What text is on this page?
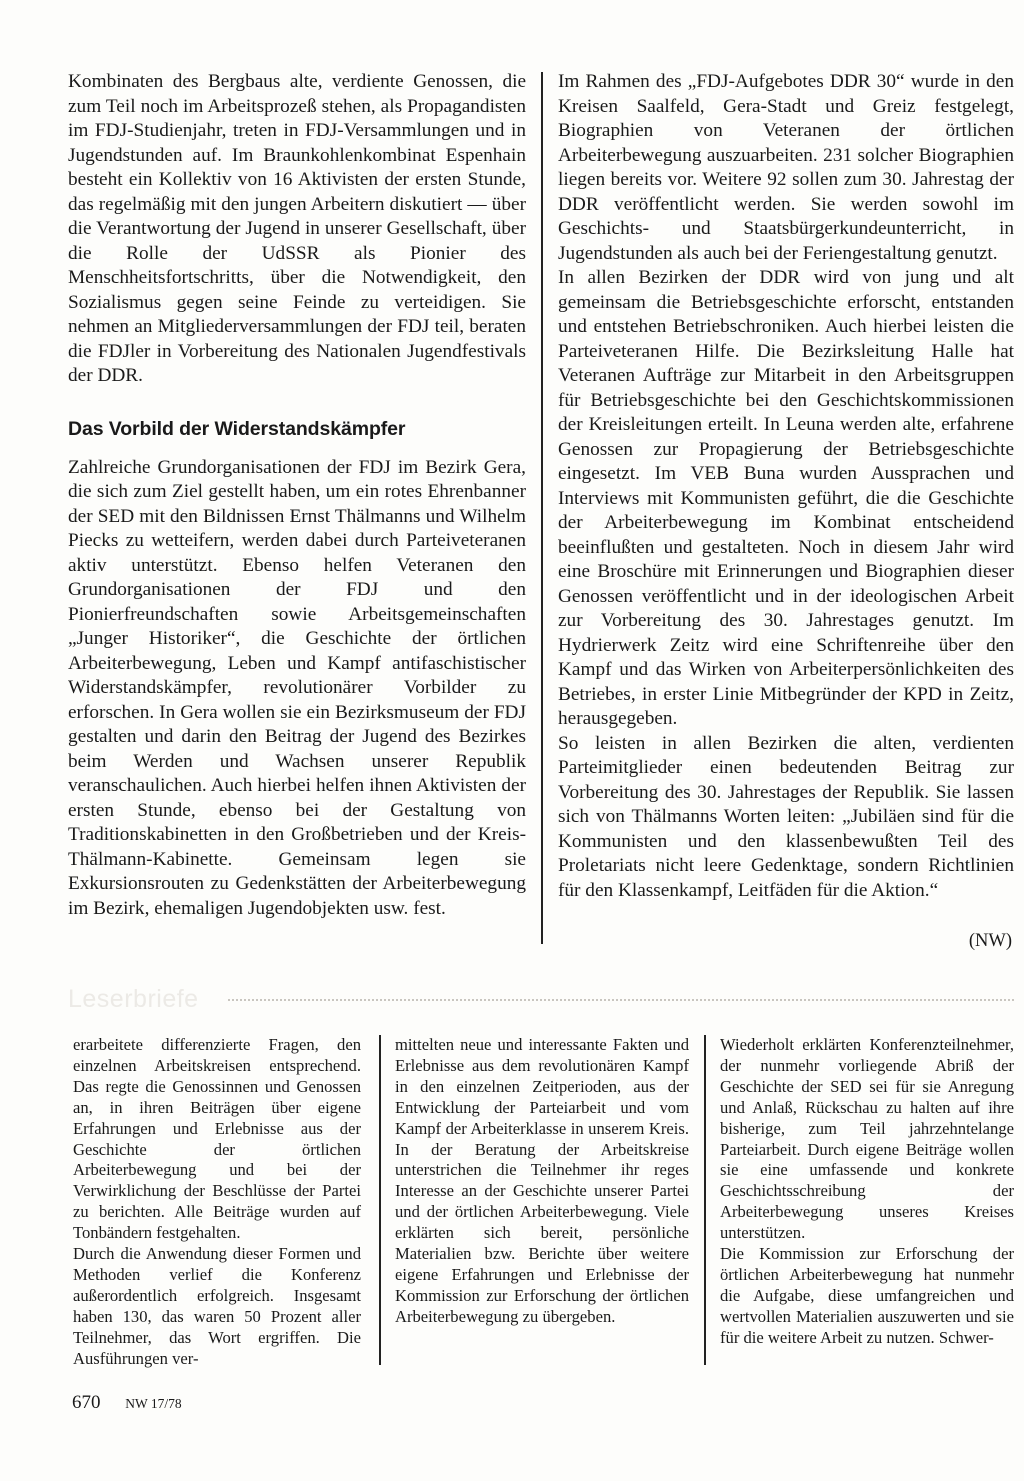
Kombinaten des Bergbaus alte, verdiente Genossen, die zum Teil noch im Arbeitsprozeß stehen, als Propagandisten im FDJ-Studienjahr, treten in FDJ-Versammlungen und in Jugendstunden auf. Im Braunkohlenkombinat Espenhain besteht ein Kollektiv von 16 Aktivisten der ersten Stunde, das regelmäßig mit den jungen Arbeitern diskutiert — über die Verantwortung der Jugend in unserer Gesellschaft, über die Rolle der UdSSR als Pionier des Menschheitsfortschritts, über die Notwendigkeit, den Sozialismus gegen seine Feinde zu verteidigen. Sie nehmen an Mitgliederversammlungen der FDJ teil, beraten die FDJler in Vorbereitung des Nationalen Jugendfestivals der DDR.

Das Vorbild der Widerstandskämpfer

Zahlreiche Grundorganisationen der FDJ im Bezirk Gera, die sich zum Ziel gestellt haben, um ein rotes Ehrenbanner der SED mit den Bildnissen Ernst Thälmanns und Wilhelm Piecks zu wetteifern, werden dabei durch Parteiveteranen aktiv unterstützt. Ebenso helfen Veteranen den Grundorganisationen der FDJ und den Pionierfreundschaften sowie Arbeitsgemeinschaften „Junger Historiker“, die Geschichte der örtlichen Arbeiterbewegung, Leben und Kampf antifaschistischer Widerstandskämpfer, revolutionärer Vorbilder zu erforschen. In Gera wollen sie ein Bezirksmuseum der FDJ gestalten und darin den Beitrag der Jugend des Bezirkes beim Werden und Wachsen unserer Republik veranschaulichen. Auch hierbei helfen ihnen Aktivisten der ersten Stunde, ebenso bei der Gestaltung von Traditionskabinetten in den Großbetrieben und der Kreis-Thälmann-Kabinette. Gemeinsam legen sie Exkursionsrouten zu Gedenkstätten der Arbeiterbewegung im Bezirk, ehemaligen Jugendobjekten usw. fest.

Im Rahmen des „FDJ-Aufgebotes DDR 30“ wurde in den Kreisen Saalfeld, Gera-Stadt und Greiz festgelegt, Biographien von Veteranen der örtlichen Arbeiterbewegung auszuarbeiten. 231 solcher Biographien liegen bereits vor. Weitere 92 sollen zum 30. Jahrestag der DDR veröffentlicht werden. Sie werden sowohl im Geschichts- und Staatsbürgerkundeunterricht, in Jugendstunden als auch bei der Feriengestaltung genutzt.

In allen Bezirken der DDR wird von jung und alt gemeinsam die Betriebsgeschichte erforscht, entstanden und entstehen Betriebschroniken. Auch hierbei leisten die Parteiveteranen Hilfe. Die Bezirksleitung Halle hat Veteranen Aufträge zur Mitarbeit in den Arbeitsgruppen für Betriebsgeschichte bei den Geschichtskommissionen der Kreisleitungen erteilt. In Leuna werden alte, erfahrene Genossen zur Propagierung der Betriebsgeschichte eingesetzt. Im VEB Buna wurden Aussprachen und Interviews mit Kommunisten geführt, die die Geschichte der Arbeiterbewegung im Kombinat entscheidend beeinflußten und gestalteten. Noch in diesem Jahr wird eine Broschüre mit Erinnerungen und Biographien dieser Genossen veröffentlicht und in der ideologischen Arbeit zur Vorbereitung des 30. Jahrestages genutzt. Im Hydrierwerk Zeitz wird eine Schriftenreihe über den Kampf und das Wirken von Arbeiterpersönlichkeiten des Betriebes, in erster Linie Mitbegründer der KPD in Zeitz, herausgegeben.

So leisten in allen Bezirken die alten, verdienten Parteimitglieder einen bedeutenden Beitrag zur Vorbereitung des 30. Jahrestages der Republik. Sie lassen sich von Thälmanns Worten leiten: „Jubiläen sind für die Kommunisten und den klassenbewußten Teil des Proletariats nicht leere Gedenktage, sondern Richtlinien für den Klassenkampf, Leitfäden für die Aktion.“

(NW)
Leserbriefe

erarbeitete differenzierte Fragen, den einzelnen Arbeitskreisen entsprechend. Das regte die Genossinnen und Genossen an, in ihren Beiträgen über eigene Erfahrungen und Erlebnisse aus der Geschichte der örtlichen Arbeiterbewegung und bei der Verwirklichung der Beschlüsse der Partei zu berichten. Alle Beiträge wurden auf Tonbändern festgehalten.

Durch die Anwendung dieser Formen und Methoden verlief die Konferenz außerordentlich erfolgreich. Insgesamt haben 130, das waren 50 Prozent aller Teilnehmer, das Wort ergriffen. Die Ausführungen ver-

mittelten neue und interessante Fakten und Erlebnisse aus dem revolutionären Kampf in den einzelnen Zeitperioden, aus der Entwicklung der Parteiarbeit und vom Kampf der Arbeiterklasse in unserem Kreis. In der Beratung der Arbeitskreise unterstrichen die Teilnehmer ihr reges Interesse an der Geschichte unserer Partei und der örtlichen Arbeiterbewegung. Viele erklärten sich bereit, persönliche Materialien bzw. Berichte über weitere eigene Erfahrungen und Erlebnisse der Kommission zur Erforschung der örtlichen Arbeiterbewegung zu übergeben.

Wiederholt erklärten Konferenzteilnehmer, der nunmehr vorliegende Abriß der Geschichte der SED sei für sie Anregung und Anlaß, Rückschau zu halten auf ihre bisherige, zum Teil jahrzehntelange Parteiarbeit. Durch eigene Beiträge wollen sie eine umfassende und konkrete Geschichtsschreibung der Arbeiterbewegung unseres Kreises unterstützen.

Die Kommission zur Erforschung der örtlichen Arbeiterbewegung hat nunmehr die Aufgabe, diese umfangreichen und wertvollen Materialien auszuwerten und sie für die weitere Arbeit zu nutzen. Schwer-

670 NW 17/78
